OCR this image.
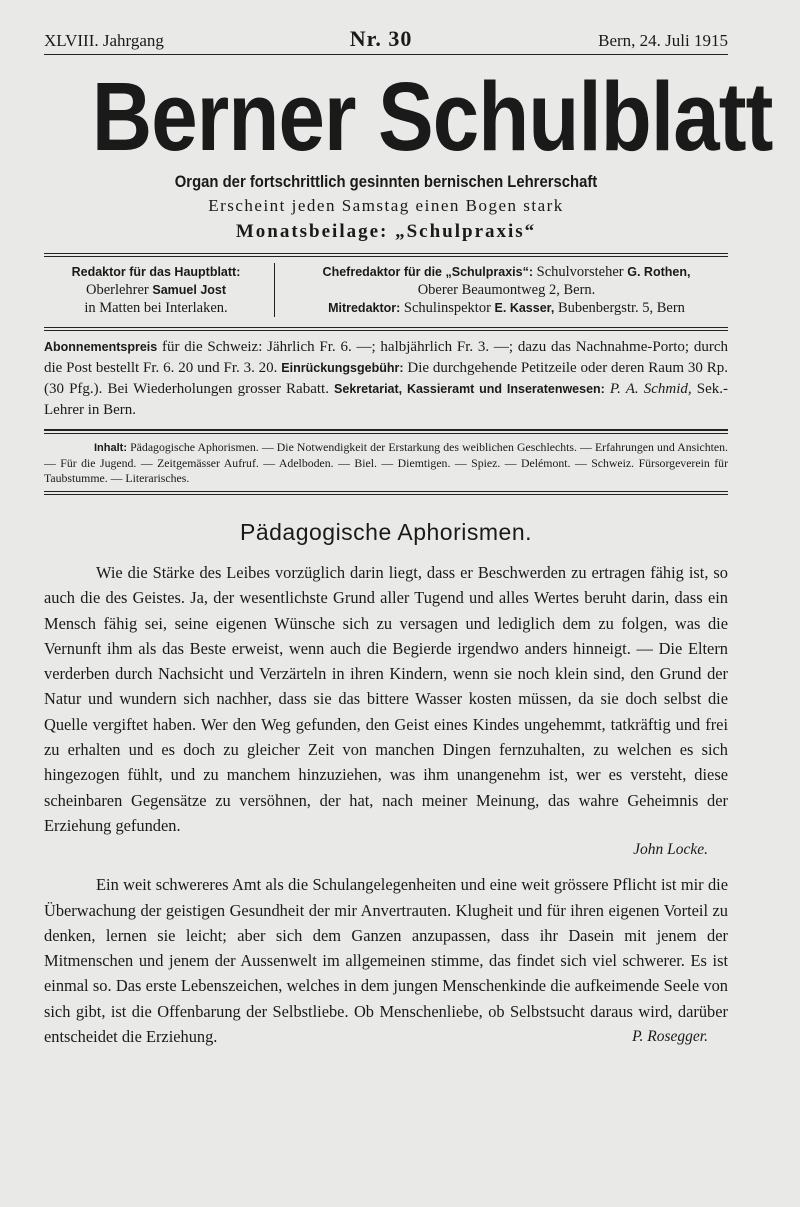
XLVIII. Jahrgang	Nr. 30	Bern, 24. Juli 1915
Berner Schulblatt
Organ der fortschrittlich gesinnten bernischen Lehrerschaft
Erscheint jeden Samstag einen Bogen stark
Monatsbeilage: „Schulpraxis“
Redaktor für das Hauptblatt:
Oberlehrer Samuel Jost
in Matten bei Interlaken.
Chefredaktor für die „Schulpraxis“: Schulvorsteher G. Rothen,
Oberer Beaumontweg 2, Bern.
Mitredaktor: Schulinspektor E. Kasser, Bubenbergstr. 5, Bern

Abonnementspreis für die Schweiz: Jährlich Fr. 6. —; halbjährlich Fr. 3. —; dazu das Nachnahme-Porto; durch die Post bestellt Fr. 6. 20 und Fr. 3. 20. Einrückungsgebühr: Die durchgehende Petitzeile oder deren Raum 30 Rp. (30 Pfg.). Bei Wiederholungen grosser Rabatt. Sekretariat, Kassieramt und Inseratenwesen: P. A. Schmid, Sek.-Lehrer in Bern.

Inhalt: Pädagogische Aphorismen. — Die Notwendigkeit der Erstarkung des weiblichen Geschlechts. — Erfahrungen und Ansichten. — Für die Jugend. — Zeitgemässer Aufruf. — Adelboden. — Biel. — Diemtigen. — Spiez. — Delémont. — Schweiz. Fürsorgeverein für Taubstumme. — Literarisches.
Pädagogische Aphorismen.

Wie die Stärke des Leibes vorzüglich darin liegt, dass er Beschwerden zu ertragen fähig ist, so auch die des Geistes. Ja, der wesentlichste Grund aller Tugend und alles Wertes beruht darin, dass ein Mensch fähig sei, seine eigenen Wünsche sich zu versagen und lediglich dem zu folgen, was die Vernunft ihm als das Beste erweist, wenn auch die Begierde irgendwo anders hinneigt. — Die Eltern verderben durch Nachsicht und Verzärteln in ihren Kindern, wenn sie noch klein sind, den Grund der Natur und wundern sich nachher, dass sie das bittere Wasser kosten müssen, da sie doch selbst die Quelle vergiftet haben. Wer den Weg gefunden, den Geist eines Kindes ungehemmt, tatkräftig und frei zu erhalten und es doch zu gleicher Zeit von manchen Dingen fernzuhalten, zu welchen es sich hingezogen fühlt, und zu manchem hinzuziehen, was ihm unangenehm ist, wer es versteht, diese scheinbaren Gegensätze zu versöhnen, der hat, nach meiner Meinung, das wahre Geheimnis der Erziehung gefunden.

John Locke.

Ein weit schwereres Amt als die Schulangelegenheiten und eine weit grössere Pflicht ist mir die Überwachung der geistigen Gesundheit der mir Anvertrauten. Klugheit und für ihren eigenen Vorteil zu denken, lernen sie leicht; aber sich dem Ganzen anzupassen, dass ihr Dasein mit jenem der Mitmenschen und jenem der Aussenwelt im allgemeinen stimme, das findet sich viel schwerer. Es ist einmal so. Das erste Lebenszeichen, welches in dem jungen Menschenkinde die aufkeimende Seele von sich gibt, ist die Offenbarung der Selbstliebe. Ob Menschenliebe, ob Selbstsucht daraus wird, darüber entscheidet die Erziehung.	P. Rosegger.
